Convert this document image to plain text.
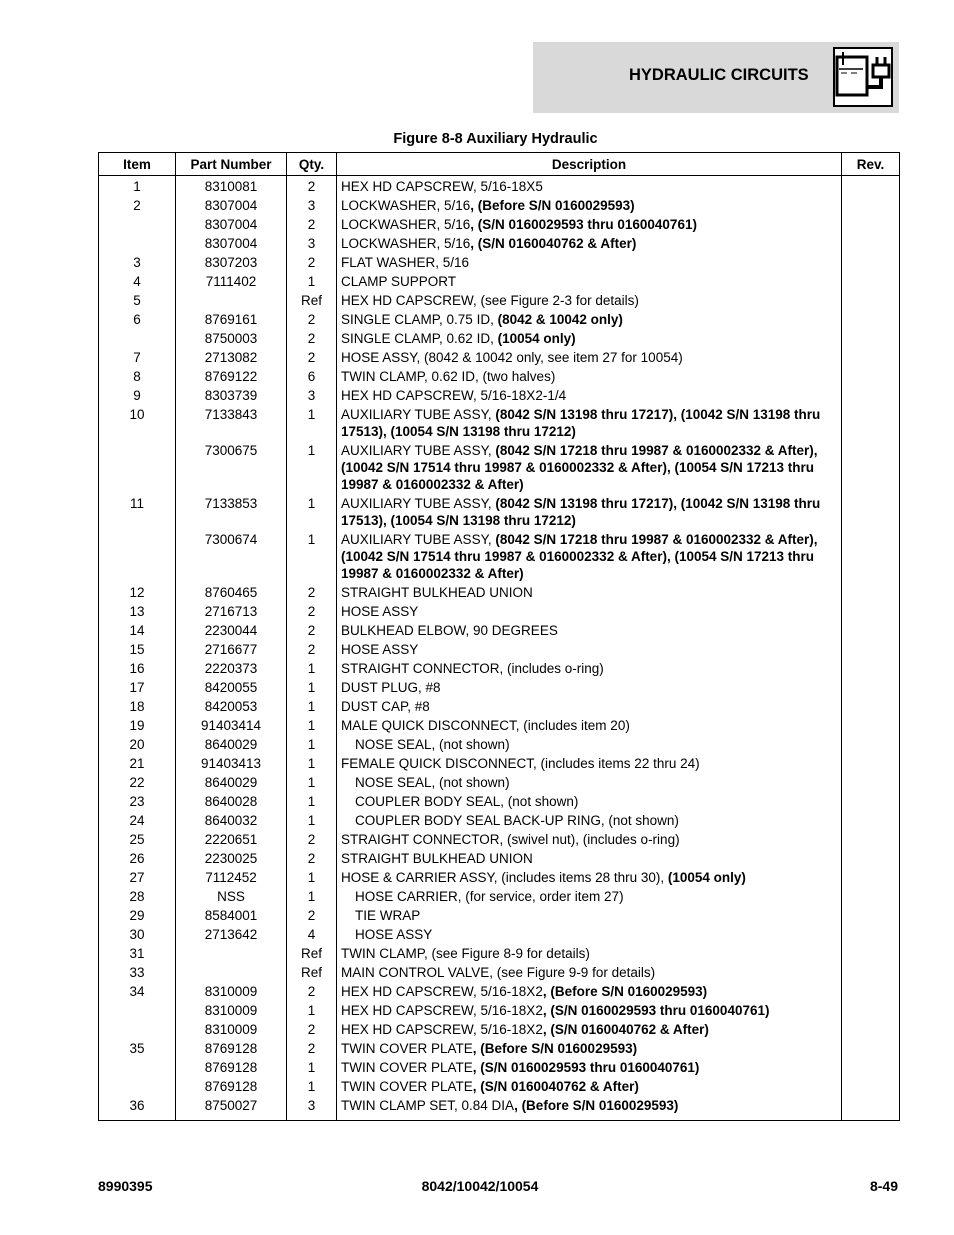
HYDRAULIC CIRCUITS
Figure 8-8 Auxiliary Hydraulic
Item	Part Number	Qty.	Description	Rev.
1	8310081	2	HEX HD CAPSCREW, 5/16-18X5	
2	8307004	3	LOCKWASHER, 5/16, (Before S/N 0160029593)	
	8307004	2	LOCKWASHER, 5/16, (S/N 0160029593 thru 0160040761)	
	8307004	3	LOCKWASHER, 5/16, (S/N 0160040762 & After)	
3	8307203	2	FLAT WASHER, 5/16	
4	7111402	1	CLAMP SUPPORT	
5		Ref	HEX HD CAPSCREW, (see Figure 2-3 for details)	
6	8769161	2	SINGLE CLAMP, 0.75 ID, (8042 & 10042 only)	
	8750003	2	SINGLE CLAMP, 0.62 ID, (10054 only)	
7	2713082	2	HOSE ASSY, (8042 & 10042 only, see item 27 for 10054)	
8	8769122	6	TWIN CLAMP, 0.62 ID, (two halves)	
9	8303739	3	HEX HD CAPSCREW, 5/16-18X2-1/4	
10	7133843	1	AUXILIARY TUBE ASSY, (8042 S/N 13198 thru 17217), (10042 S/N 13198 thru 17513), (10054 S/N 13198 thru 17212)	
	7300675	1	AUXILIARY TUBE ASSY, (8042 S/N 17218 thru 19987 & 0160002332 & After), (10042 S/N 17514 thru 19987 & 0160002332 & After), (10054 S/N 17213 thru 19987 & 0160002332 & After)	
11	7133853	1	AUXILIARY TUBE ASSY, (8042 S/N 13198 thru 17217), (10042 S/N 13198 thru 17513), (10054 S/N 13198 thru 17212)	
	7300674	1	AUXILIARY TUBE ASSY, (8042 S/N 17218 thru 19987 & 0160002332 & After), (10042 S/N 17514 thru 19987 & 0160002332 & After), (10054 S/N 17213 thru 19987 & 0160002332 & After)	
12	8760465	2	STRAIGHT BULKHEAD UNION	
13	2716713	2	HOSE ASSY	
14	2230044	2	BULKHEAD ELBOW, 90 DEGREES	
15	2716677	2	HOSE ASSY	
16	2220373	1	STRAIGHT CONNECTOR, (includes o-ring)	
17	8420055	1	DUST PLUG, #8	
18	8420053	1	DUST CAP, #8	
19	91403414	1	MALE QUICK DISCONNECT, (includes item 20)	
20	8640029	1	NOSE SEAL, (not shown)	
21	91403413	1	FEMALE QUICK DISCONNECT, (includes items 22 thru 24)	
22	8640029	1	NOSE SEAL, (not shown)	
23	8640028	1	COUPLER BODY SEAL, (not shown)	
24	8640032	1	COUPLER BODY SEAL BACK-UP RING, (not shown)	
25	2220651	2	STRAIGHT CONNECTOR, (swivel nut), (includes o-ring)	
26	2230025	2	STRAIGHT BULKHEAD UNION	
27	7112452	1	HOSE & CARRIER ASSY, (includes items 28 thru 30), (10054 only)	
28	NSS	1	HOSE CARRIER, (for service, order item 27)	
29	8584001	2	TIE WRAP	
30	2713642	4	HOSE ASSY	
31		Ref	TWIN CLAMP, (see Figure 8-9 for details)	
33		Ref	MAIN CONTROL VALVE, (see Figure 9-9 for details)	
34	8310009	2	HEX HD CAPSCREW, 5/16-18X2, (Before S/N 0160029593)	
	8310009	1	HEX HD CAPSCREW, 5/16-18X2, (S/N 0160029593 thru 0160040761)	
	8310009	2	HEX HD CAPSCREW, 5/16-18X2, (S/N 0160040762 & After)	
35	8769128	2	TWIN COVER PLATE, (Before S/N 0160029593)	
	8769128	1	TWIN COVER PLATE, (S/N 0160029593 thru 0160040761)	
	8769128	1	TWIN COVER PLATE, (S/N 0160040762 & After)	
36	8750027	3	TWIN CLAMP SET, 0.84 DIA, (Before S/N 0160029593)	
8990395	8042/10042/10054	8-49
